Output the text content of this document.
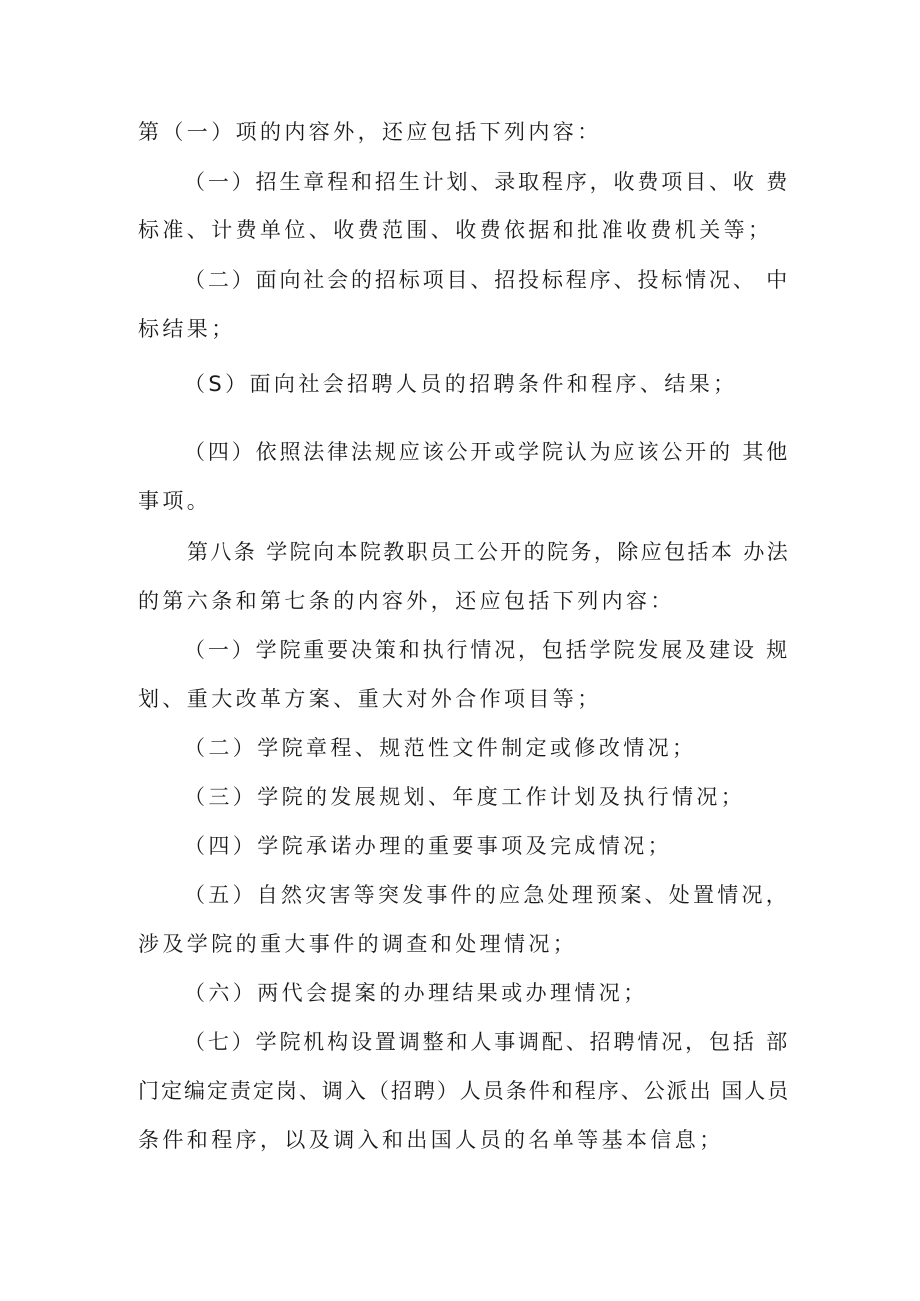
第（一）项的内容外，还应包括下列内容：
（一）招生章程和招生计划、录取程序，收费项目、收 费
标准、计费单位、收费范围、收费依据和批准收费机关等；
（二）面向社会的招标项目、招投标程序、投标情况、 中
标结果；
（S）面向社会招聘人员的招聘条件和程序、结果；
（四）依照法律法规应该公开或学院认为应该公开的 其他
事项。
第八条 学院向本院教职员工公开的院务，除应包括本 办法
的第六条和第七条的内容外，还应包括下列内容：
（一）学院重要决策和执行情况，包括学院发展及建设 规
划、重大改革方案、重大对外合作项目等；
（二）学院章程、规范性文件制定或修改情况；
（三）学院的发展规划、年度工作计划及执行情况；
（四）学院承诺办理的重要事项及完成情况；
（五）自然灾害等突发事件的应急处理预案、处置情况，
涉及学院的重大事件的调查和处理情况；
（六）两代会提案的办理结果或办理情况；
（七）学院机构设置调整和人事调配、招聘情况，包括 部
门定编定责定岗、调入（招聘）人员条件和程序、公派出 国人员
条件和程序，以及调入和出国人员的名单等基本信息；
